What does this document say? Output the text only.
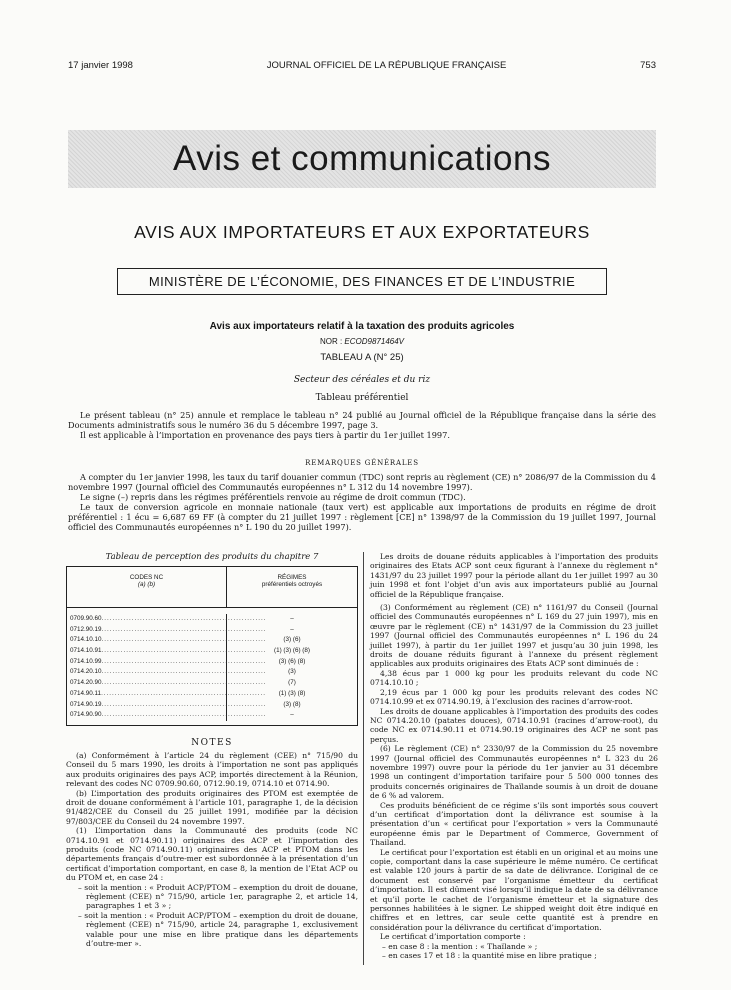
17 janvier 1998	JOURNAL OFFICIEL DE LA RÉPUBLIQUE FRANÇAISE	753
Avis et communications
AVIS AUX IMPORTATEURS ET AUX EXPORTATEURS
MINISTÈRE DE L’ÉCONOMIE, DES FINANCES ET DE L’INDUSTRIE
Avis aux importateurs relatif à la taxation des produits agricoles
NOR : ECOD9871464V
TABLEAU A (N° 25)
Secteur des céréales et du riz
Tableau préférentiel

Le présent tableau (n° 25) annule et remplace le tableau n° 24 publié au Journal officiel de la République française dans la série des Documents administratifs sous le numéro 36 du 5 décembre 1997, page 3.

Il est applicable à l’importation en provenance des pays tiers à partir du 1er juillet 1997.

REMARQUES GÉNÉRALES

A compter du 1er janvier 1998, les taux du tarif douanier commun (TDC) sont repris au règlement (CE) n° 2086/97 de la Commission du 4 novembre 1997 (Journal officiel des Communautés européennes n° L 312 du 14 novembre 1997).

Le signe (–) repris dans les régimes préférentiels renvoie au régime de droit commun (TDC).

Le taux de conversion agricole en monnaie nationale (taux vert) est applicable aux importations de produits en régime de droit préférentiel : 1 écu = 6,687 69 FF (à compter du 21 juillet 1997 : règlement [CE] n° 1398/97 de la Commission du 19 juillet 1997, Journal officiel des Communautés européennes n° L 190 du 20 juillet 1997).

Tableau de perception des produits du chapitre 7

CODES NC
(a) (b)
RÉGIMES
préférentiels octroyés
0709.90.60............................................................
0712.90.19............................................................
0714.10.10............................................................
0714.10.91............................................................
0714.10.99............................................................
0714.20.10............................................................
0714.20.90............................................................
0714.90.11............................................................
0714.90.19............................................................
0714.90.90............................................................
–
–
(3) (6)
(1) (3) (6) (8)
(3) (6) (8)
(3)
(7)
(1) (3) (8)
(3) (8)
–
NOTES

(a) Conformément à l’article 24 du règlement (CEE) n° 715/90 du Conseil du 5 mars 1990, les droits à l’importation ne sont pas appliqués aux produits originaires des pays ACP, importés directement à la Réunion, relevant des codes NC 0709.90.60, 0712.90.19, 0714.10 et 0714.90.

(b) L’importation des produits originaires des PTOM est exemptée de droit de douane conformément à l’article 101, paragraphe 1, de la décision 91/482/CEE du Conseil du 25 juillet 1991, modifiée par la décision 97/803/CEE du Conseil du 24 novembre 1997.

(1) L’importation dans la Communauté des produits (code NC 0714.10.91 et 0714.90.11) originaires des ACP et l’importation des produits (code NC 0714.90.11) originaires des ACP et PTOM dans les départements français d’outre-mer est subordonnée à la présentation d’un certificat d’importation comportant, en case 8, la mention de l’Etat ACP ou du PTOM et, en case 24 :

– soit la mention : « Produit ACP/PTOM – exemption du droit de douane, règlement (CEE) n° 715/90, article 1er, paragraphe 2, et article 14, paragraphes 1 et 3 » ;

– soit la mention : « Produit ACP/PTOM – exemption du droit de douane, règlement (CEE) n° 715/90, article 24, paragraphe 1, exclusivement valable pour une mise en libre pratique dans les départements d’outre-mer ».

Les droits de douane réduits applicables à l’importation des produits originaires des Etats ACP sont ceux figurant à l’annexe du règlement n° 1431/97 du 23 juillet 1997 pour la période allant du 1er juillet 1997 au 30 juin 1998 et font l’objet d’un avis aux importateurs publié au Journal officiel de la République française.

(3) Conformément au règlement (CE) n° 1161/97 du Conseil (Journal officiel des Communautés européennes n° L 169 du 27 juin 1997), mis en œuvre par le règlement (CE) n° 1431/97 de la Commission du 23 juillet 1997 (Journal officiel des Communautés européennes n° L 196 du 24 juillet 1997), à partir du 1er juillet 1997 et jusqu’au 30 juin 1998, les droits de douane réduits figurant à l’annexe du présent règlement applicables aux produits originaires des Etats ACP sont diminués de :

4,38 écus par 1 000 kg pour les produits relevant du code NC 0714.10.10 ;

2,19 écus par 1 000 kg pour les produits relevant des codes NC 0714.10.99 et ex 0714.90.19, à l’exclusion des racines d’arrow-root.

Les droits de douane applicables à l’importation des produits des codes NC 0714.20.10 (patates douces), 0714.10.91 (racines d’arrow-root), du code NC ex 0714.90.11 et 0714.90.19 originaires des ACP ne sont pas perçus.

(6) Le règlement (CE) n° 2330/97 de la Commission du 25 novembre 1997 (Journal officiel des Communautés européennes n° L 323 du 26 novembre 1997) ouvre pour la période du 1er janvier au 31 décembre 1998 un contingent d’importation tarifaire pour 5 500 000 tonnes des produits concernés originaires de Thaïlande soumis à un droit de douane de 6 % ad valorem.

Ces produits bénéficient de ce régime s’ils sont importés sous couvert d’un certificat d’importation dont la délivrance est soumise à la présentation d’un « certificat pour l’exportation » vers la Communauté européenne émis par le Department of Commerce, Government of Thailand.

Le certificat pour l’exportation est établi en un original et au moins une copie, comportant dans la case supérieure le même numéro. Ce certificat est valable 120 jours à partir de sa date de délivrance. L’original de ce document est conservé par l’organisme émetteur du certificat d’importation. Il est dûment visé lorsqu’il indique la date de sa délivrance et qu’il porte le cachet de l’organisme émetteur et la signature des personnes habilitées à le signer. Le shipped weight doit être indiqué en chiffres et en lettres, car seule cette quantité est à prendre en considération pour la délivrance du certificat d’importation.

Le certificat d’importation comporte :

– en case 8 : la mention : « Thaïlande » ;

– en cases 17 et 18 : la quantité mise en libre pratique ;
